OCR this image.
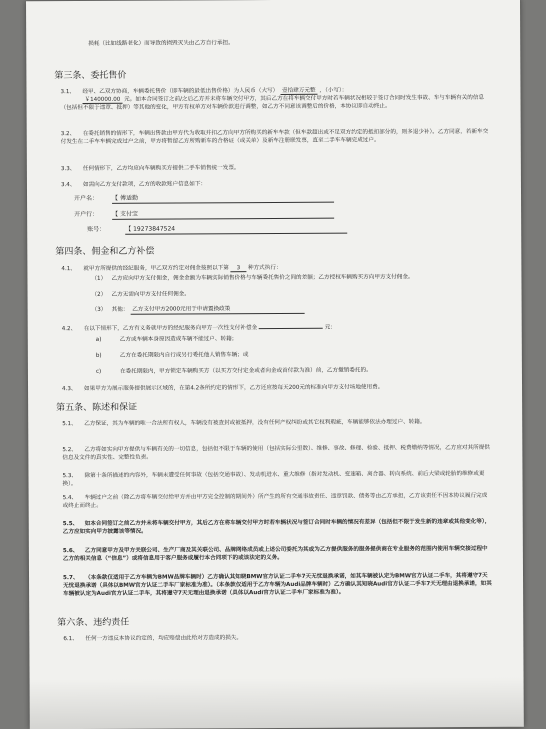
损耗（比如线路老化）而导致的损毁灭失由乙方自行承担。
第三条、委托售价
3.1、 经甲、乙双方协商，车辆委托售价（即车辆的最低出售价格）为人民币（大写） 壹拾肆万元整 ，（小写）：
￥140000.00 元。如本合同签订之前/之后乙方并未将车辆交付甲方，其后乙方在将车辆交付甲方时若车辆状况相较于签订合同时发生事故、车与车辆有关的信息（包括但不限于违章、抵押）等其他的变化，甲方有权单方对车辆价款进行调整，如乙方不同意该调整后的价格，本协议即自动终止。
3.2、 在委托销售的情形下，车辆出售款由甲方代为收取并扣乙方向甲方所购买的新车车款（但车款超出或不足双方约定的抵扣部分的，则多退少补）。乙方同意，若新车交付发生在二手车车辆完成过户之前，甲方将暂留乙方所购新车的合格证（或关单）及新车注册联发票，直至二手车车辆完成过户。
3.3、 任何情形下，乙方均应向车辆购买方提供二手车销售统一发票。
3.4、 如需向乙方支付款项，乙方的收款账户信息如下：
开户名： 【 傅适勤
开户行： 【 支付宝
账号：	【 19273847524
第四条、佣金和乙方补偿
4.1、 就甲方所提供的经纪服务，甲乙双方约定对佣金按照以下第 3 种方式执行：
（1） 乙方应向甲方支付佣金，佣金金额为车辆实际销售价格与车辆委托售价之间的差额；乙方授权车辆购买方向甲方支付佣金。
（2） 乙方无需向甲方支付任何佣金。
（3） 其他： 乙方支付甲方2000元用于申请置换政策
4.2、 在以下情形下，乙方有义务就甲方的经纪服务向甲方一次性支付补偿金	元：
a)	乙方或车辆本身原因造成车辆不能过户、转籍；
b)	乙方在委托期限内自行或另行委托他人销售车辆；或
c)	在委托期限内，甲方锁定车辆购买方（以买方交付定金或者向金或首付款为准）前，乙方撤销委托的。
4.3、 如果甲方为展示服务提供展示区域的，在第4.2条所约定的情形下，乙方还应按每天200元的标准向甲方支付场地使用费。
第五条、陈述和保证
5.1、 乙方保证，其为车辆的唯一合法所有权人，车辆没有被查封或被抵押，没有任何产权纠纷或其它权利瑕疵，车辆能够依法办理过户、转籍。
5.2、 乙方将如实向甲方提供与车辆有关的一切信息，包括但不限于车辆的使用（包括实际公里数）、维修、事故、修理、检验、抵押、税费缴纳等情况，乙方应对其所提供信息及文件的真实性、完整性负责。
5.3、 除第十条所描述的内容外，车辆未遭受任何事故（包括交通事故）、发动机进水、重大维修（指对发动机、变速箱、离合器、转向系统、前后大梁或轮胎的维修或更换）。
5.4、 车辆过户之前（除乙方将车辆交付给甲方并由甲方完全控制的期间外）所产生的所有交通事故责任、违章罚款、债务等由乙方承担，乙方该责任不因本协议履行完成或终止而终止。
5.5、 如本合同签订之前乙方并未将车辆交付甲方，其后乙方在将车辆交付甲方时若车辆状况与签订合同时车辆的情况有差异（包括但不限于发生新的违章或其他变化等），乙方应如实向甲方披露该等情况。
5.6、 乙方同意甲方及甲方关联公司、生产厂商及其关联公司、品牌网络成员或上述公司委托为其或为乙方提供服务的服务提供商在专业服务的范围内使用车辆交接过程中乙方的相关信息（“信息”）或将信息用于客户服务或履行本合同项下的或该法定的义务。
5.7、 （本条款仅适用于乙方车辆为BMW品牌车辆时）乙方确认其知晓BMW官方认证二手车7天无忧退换承诺，如其车辆被认定为BMW官方认证二手车，其将遵守7天无忧退换承诺（具体以BMW官方认证二手车厂家标准为准）。（本条款仅适用于乙方车辆为Audi品牌车辆时）乙方确认其知晓Audi官方认证二手车7天无理由退换承诺，如其车辆被认定为Audi官方认证二手车，其将遵守7天无理由退换承诺（具体以Audi官方认证二手车厂家标准为准）。
第六条、违约责任
6.1、 任何一方违反本协议约定的，均应赔偿由此给对方造成的损失。
